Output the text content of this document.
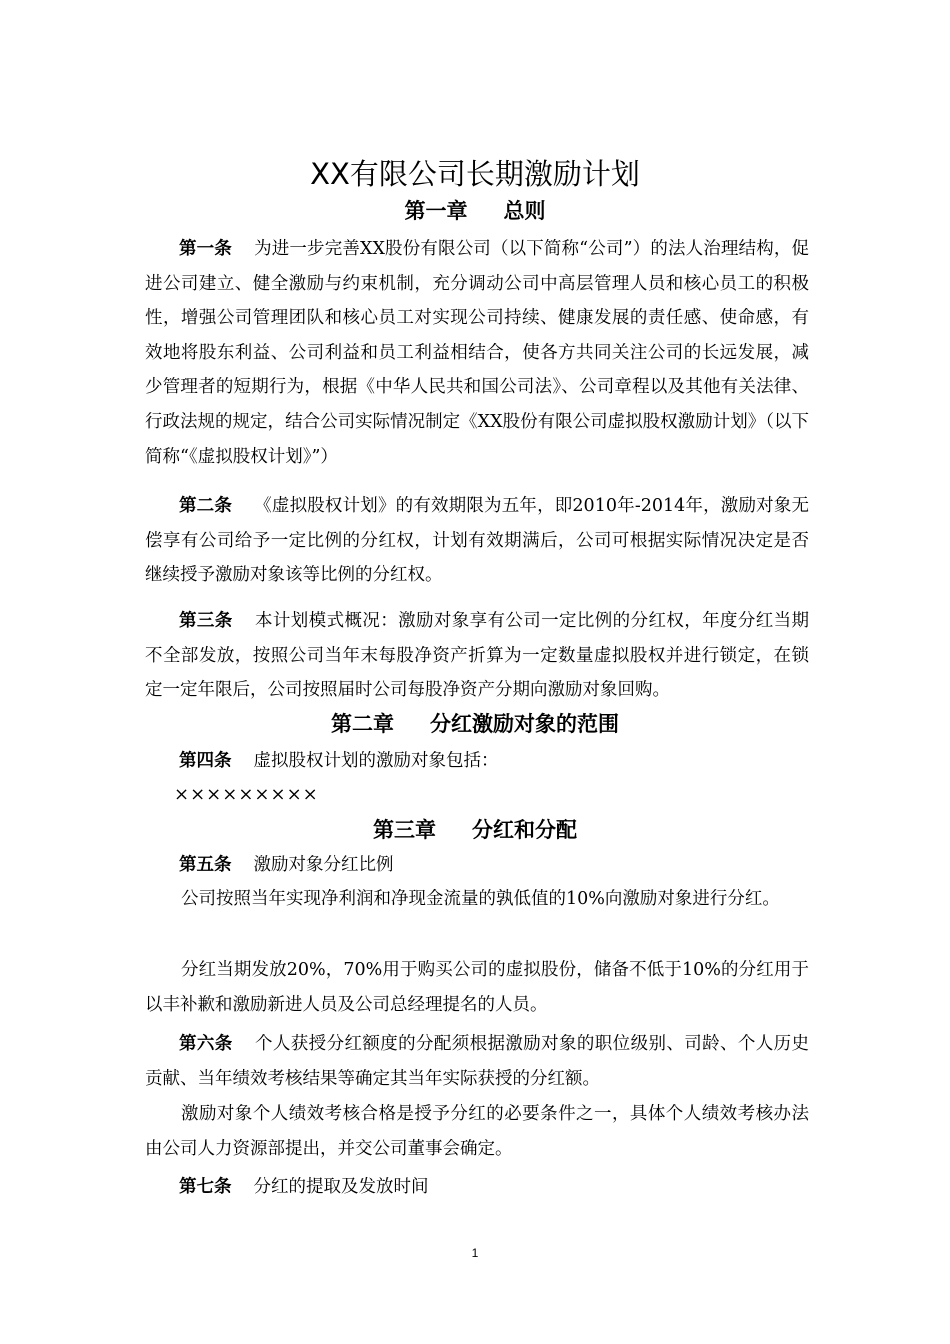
XX有限公司长期激励计划
第一章 总则

第一条 为进一步完善XX股份有限公司（以下简称“公司”）的法人治理结构，促进公司建立、健全激励与约束机制，充分调动公司中高层管理人员和核心员工的积极性，增强公司管理团队和核心员工对实现公司持续、健康发展的责任感、使命感，有效地将股东利益、公司利益和员工利益相结合，使各方共同关注公司的长远发展，减少管理者的短期行为，根据《中华人民共和国公司法》、公司章程以及其他有关法律、行政法规的规定，结合公司实际情况制定《XX股份有限公司虚拟股权激励计划》（以下简称“《虚拟股权计划》”）

第二条 《虚拟股权计划》的有效期限为五年，即2010年-2014年，激励对象无偿享有公司给予一定比例的分红权，计划有效期满后，公司可根据实际情况决定是否继续授予激励对象该等比例的分红权。

第三条 本计划模式概况：激励对象享有公司一定比例的分红权，年度分红当期不全部发放，按照公司当年末每股净资产折算为一定数量虚拟股权并进行锁定，在锁定一定年限后，公司按照届时公司每股净资产分期向激励对象回购。

第二章 分红激励对象的范围

第四条 虚拟股权计划的激励对象包括：

×××××××××
第三章 分红和分配

第五条 激励对象分红比例

公司按照当年实现净利润和净现金流量的孰低值的10%向激励对象进行分红。

分红当期发放20%，70%用于购买公司的虚拟股份，储备不低于10%的分红用于以丰补歉和激励新进人员及公司总经理提名的人员。

第六条 个人获授分红额度的分配须根据激励对象的职位级别、司龄、个人历史贡献、当年绩效考核结果等确定其当年实际获授的分红额。

激励对象个人绩效考核合格是授予分红的必要条件之一，具体个人绩效考核办法由公司人力资源部提出，并交公司董事会确定。

第七条 分红的提取及发放时间

1
